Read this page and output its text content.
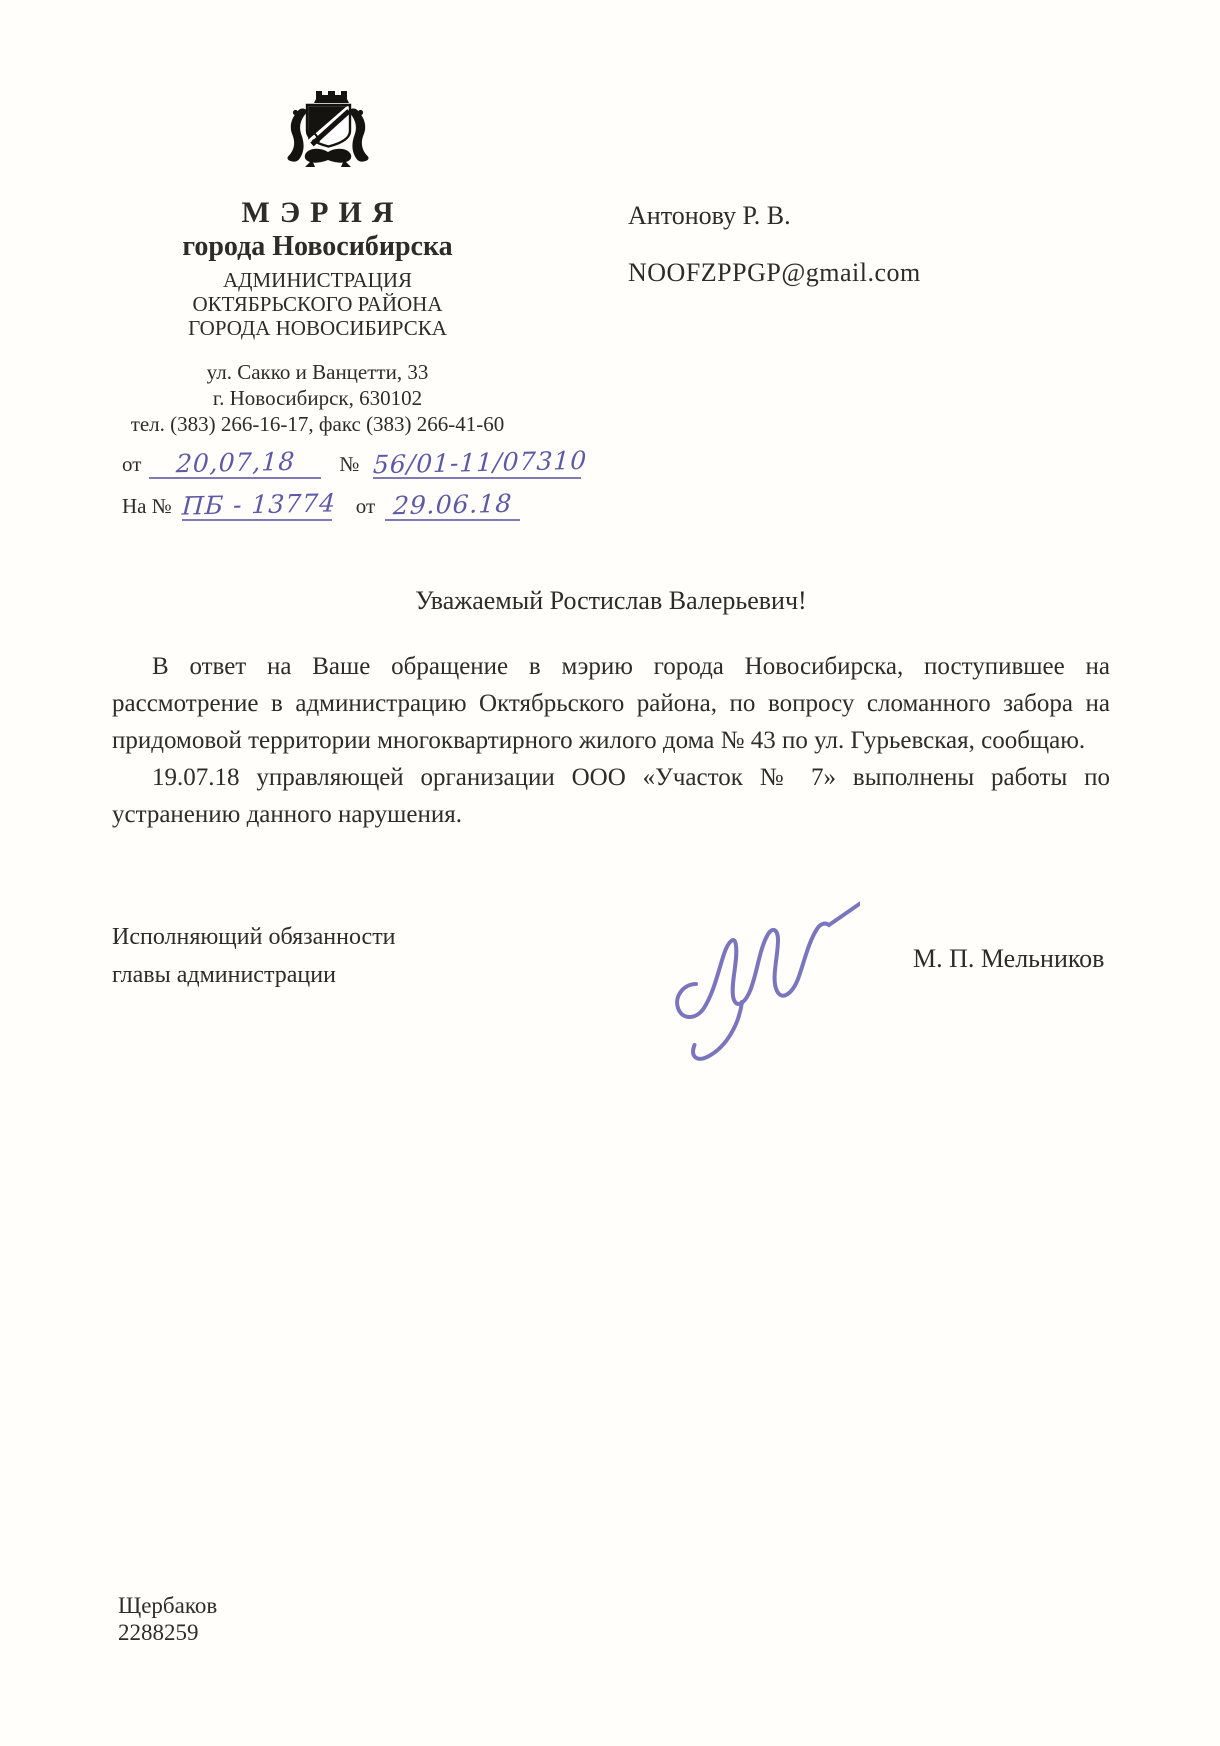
МЭРИЯ
города Новосибирска
АДМИНИСТРАЦИЯ
ОКТЯБРЬСКОГО РАЙОНА
ГОРОДА НОВОСИБИРСКА
ул. Сакко и Ванцетти, 33
г. Новосибирск, 630102
тел. (383) 266-16-17, факс (383) 266-41-60
от 20,07,18 № 56/01-11/07310
На № ПБ - 13774 от 29.06.18
Антонову Р. В.
NOOFZPPGP@gmail.com
Уважаемый Ростислав Валерьевич!

В ответ на Ваше обращение в мэрию города Новосибирска, поступившее на рассмотрение в администрацию Октябрьского района, по вопросу сломанного забора на придомовой территории многоквартирного жилого дома № 43 по ул. Гурьевская, сообщаю.

19.07.18 управляющей организации ООО «Участок № 7» выполнены работы по устранению данного нарушения.

Исполняющий обязанности
главы администрации
М. П. Мельников
Щербаков
2288259
